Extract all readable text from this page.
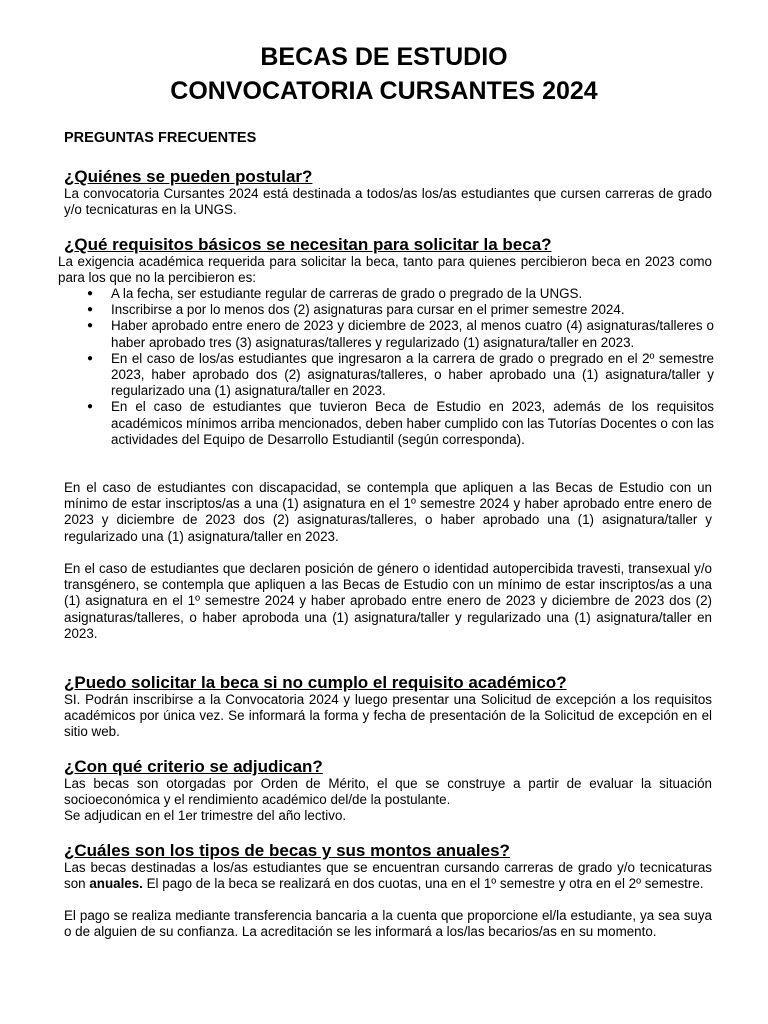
BECAS DE ESTUDIO
CONVOCATORIA CURSANTES 2024
PREGUNTAS FRECUENTES
¿Quiénes se pueden postular?
La convocatoria Cursantes 2024 está destinada a todos/as los/as estudiantes que cursen carreras de grado y/o tecnicaturas en la UNGS.
¿Qué requisitos básicos se necesitan para solicitar la beca?
La exigencia académica requerida para solicitar la beca, tanto para quienes percibieron beca en 2023 como para los que no la percibieron es:
● A la fecha, ser estudiante regular de carreras de grado o pregrado de la UNGS.
● Inscribirse a por lo menos dos (2) asignaturas para cursar en el primer semestre 2024.
● Haber aprobado entre enero de 2023 y diciembre de 2023, al menos cuatro (4) asignaturas/talleres o haber aprobado tres (3) asignaturas/talleres y regularizado (1) asignatura/taller en 2023.
● En el caso de los/as estudiantes que ingresaron a la carrera de grado o pregrado en el 2º semestre 2023, haber aprobado dos (2) asignaturas/talleres, o haber aprobado una (1) asignatura/taller y regularizado una (1) asignatura/taller en 2023.
● En el caso de estudiantes que tuvieron Beca de Estudio en 2023, además de los requisitos académicos mínimos arriba mencionados, deben haber cumplido con las Tutorías Docentes o con las actividades del Equipo de Desarrollo Estudiantil (según corresponda).
En el caso de estudiantes con discapacidad, se contempla que apliquen a las Becas de Estudio con un mínimo de estar inscriptos/as a una (1) asignatura en el 1º semestre 2024 y haber aprobado entre enero de 2023 y diciembre de 2023 dos (2) asignaturas/talleres, o haber aprobado una (1) asignatura/taller y regularizado una (1) asignatura/taller en 2023.
En el caso de estudiantes que declaren posición de género o identidad autopercibida travesti, transexual y/o transgénero, se contempla que apliquen a las Becas de Estudio con un mínimo de estar inscriptos/as a una (1) asignatura en el 1º semestre 2024 y haber aprobado entre enero de 2023 y diciembre de 2023 dos (2) asignaturas/talleres, o haber aproboda una (1) asignatura/taller y regularizado una (1) asignatura/taller en 2023.
¿Puedo solicitar la beca si no cumplo el requisito académico?
SI. Podrán inscribirse a la Convocatoria 2024 y luego presentar una Solicitud de excepción a los requisitos académicos por única vez. Se informará la forma y fecha de presentación de la Solicitud de excepción en el sitio web.
¿Con qué criterio se adjudican?
Las becas son otorgadas por Orden de Mérito, el que se construye a partir de evaluar la situación socioeconómica y el rendimiento académico del/de la postulante.
Se adjudican en el 1er trimestre del año lectivo.
¿Cuáles son los tipos de becas y sus montos anuales?
Las becas destinadas a los/as estudiantes que se encuentran cursando carreras de grado y/o tecnicaturas son anuales. El pago de la beca se realizará en dos cuotas, una en el 1º semestre y otra en el 2º semestre.
El pago se realiza mediante transferencia bancaria a la cuenta que proporcione el/la estudiante, ya sea suya o de alguien de su confianza. La acreditación se les informará a los/las becarios/as en su momento.
